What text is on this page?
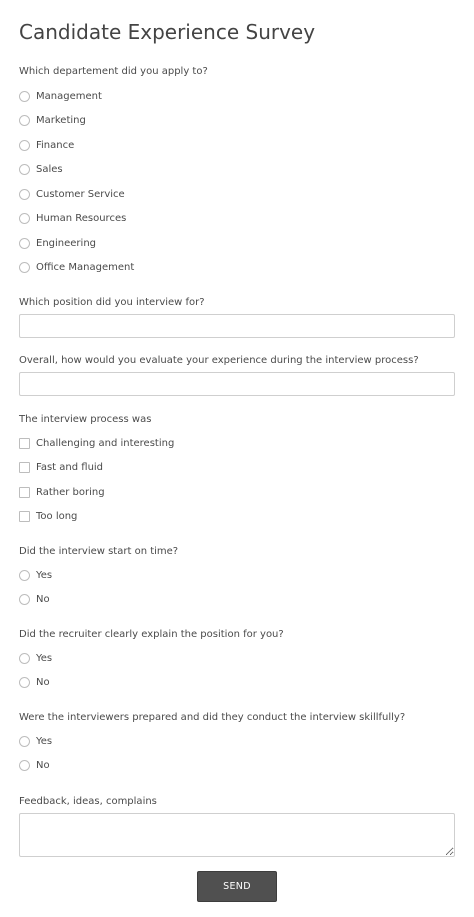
Candidate Experience Survey
Which departement did you apply to?
Management
Marketing
Finance
Sales
Customer Service
Human Resources
Engineering
Office Management
Which position did you interview for?
Overall, how would you evaluate your experience during the interview process?
The interview process was
Challenging and interesting
Fast and fluid
Rather boring
Too long
Did the interview start on time?
Yes
No
Did the recruiter clearly explain the position for you?
Yes
No
Were the interviewers prepared and did they conduct the interview skillfully?
Yes
No
Feedback, ideas, complains
SEND
